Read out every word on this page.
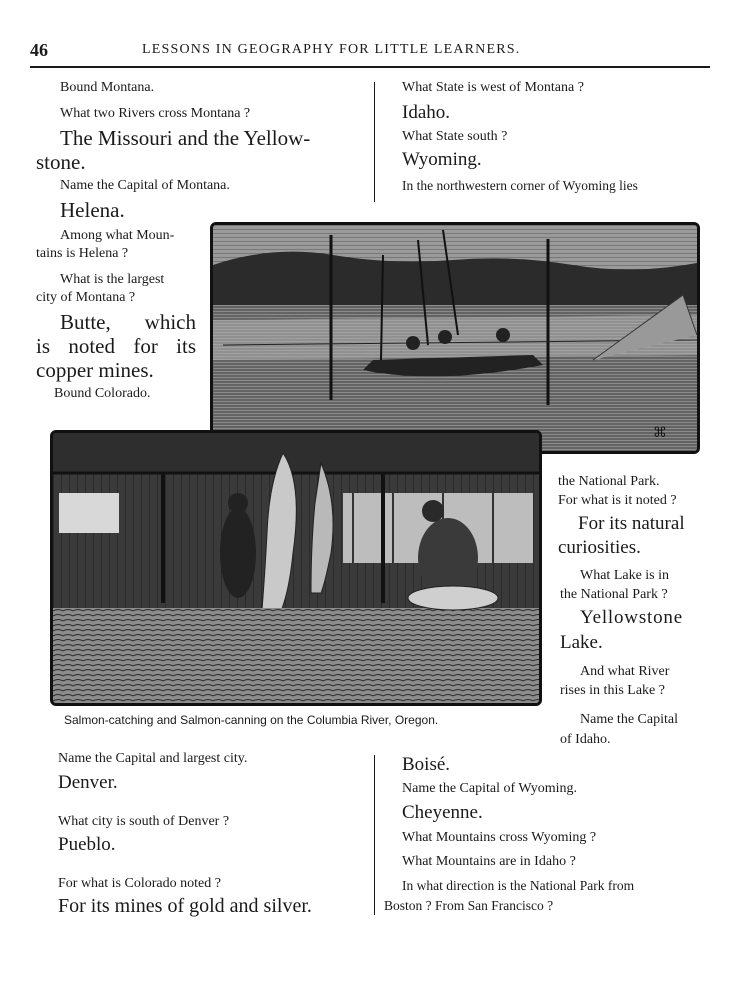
46	LESSONS IN GEOGRAPHY FOR LITTLE LEARNERS.
Bound Montana.
What two Rivers cross Montana ?
The Missouri and the Yellow-
stone.
Name the Capital of Montana.
Helena.
Among what Moun-
tains is Helena ?
What is the largest
city of Montana ?
Butte, which
is noted for its
copper mines.
Bound Colorado.
What State is west of Montana ?
Idaho.
What State south ?
Wyoming.
In the northwestern corner of Wyoming lies
⌘
Salmon-catching and Salmon-canning on the Columbia River, Oregon.
the National Park.
For what is it noted ?
For its natural
curiosities.
What Lake is in
the National Park ?
Yellowstone
Lake.
And what River
rises in this Lake ?
Name the Capital
of Idaho.
Name the Capital and largest city.
Denver.
What city is south of Denver ?
Pueblo.
For what is Colorado noted ?
For its mines of gold and silver.
Boisé.
Name the Capital of Wyoming.
Cheyenne.
What Mountains cross Wyoming ?
What Mountains are in Idaho ?
In what direction is the National Park from
Boston ? From San Francisco ?
